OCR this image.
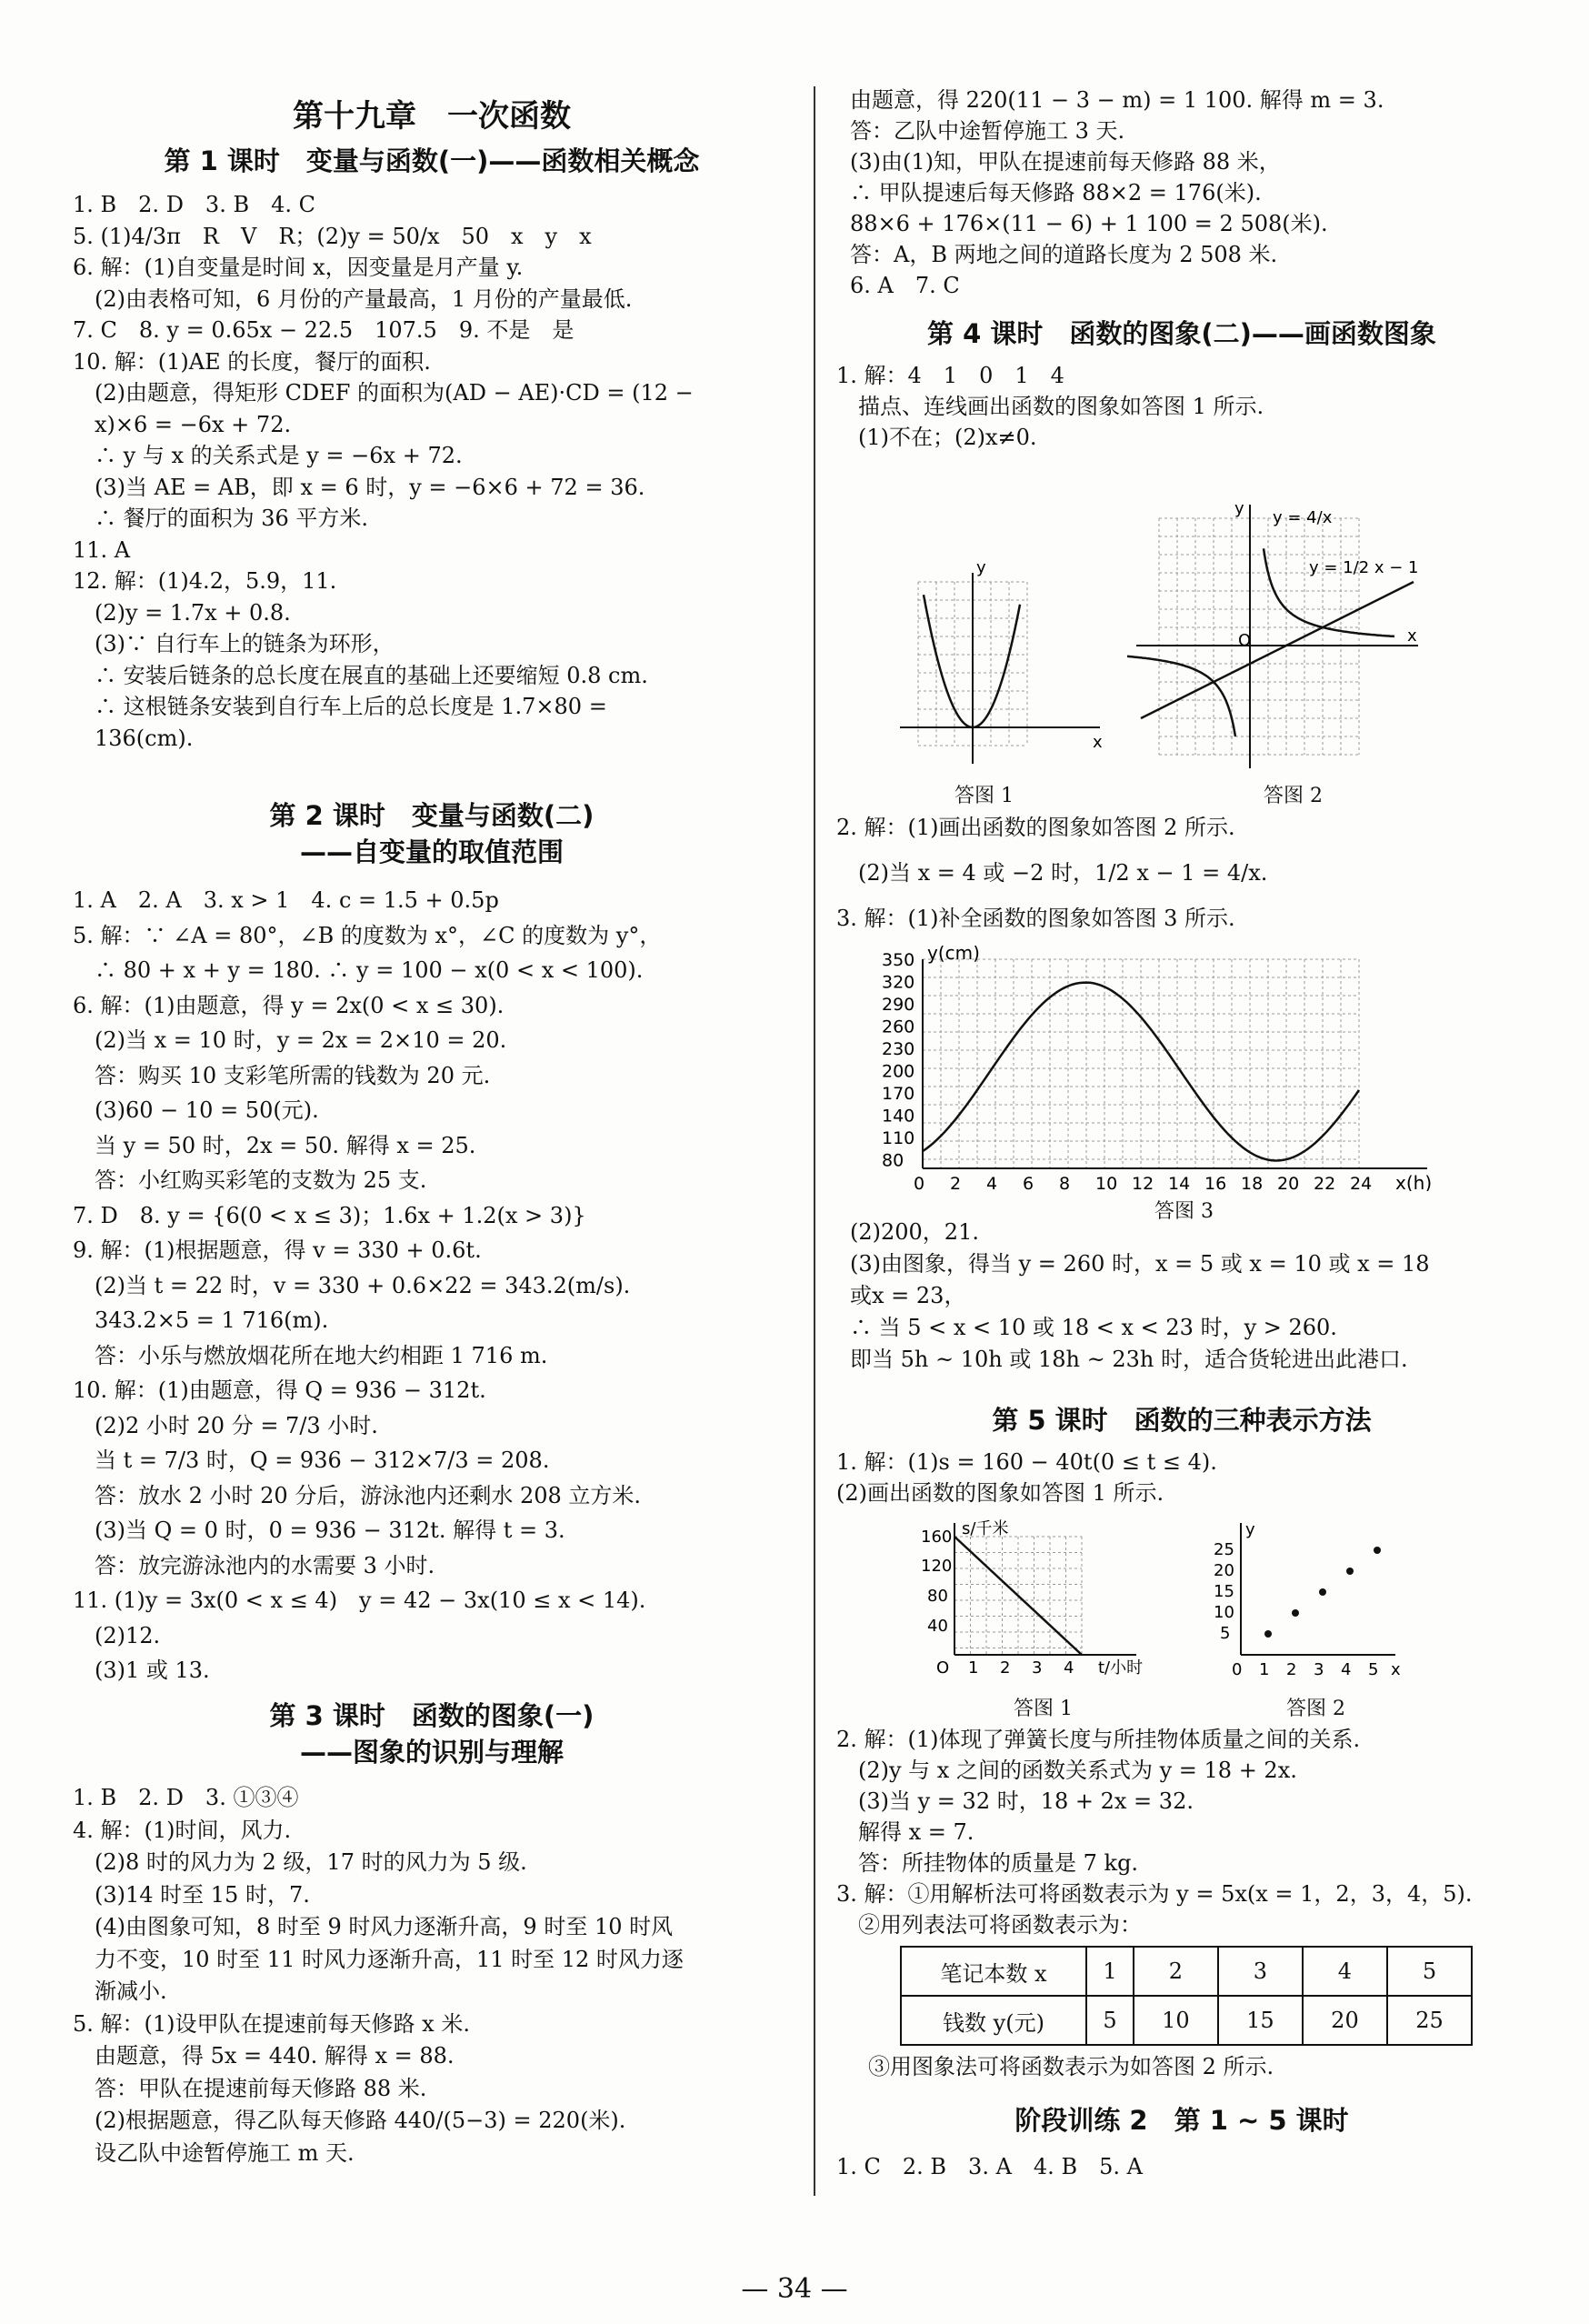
第十九章　一次函数
第 1 课时　变量与函数(一)——函数相关概念
1. B　2. D　3. B　4. C
5. (1)4/3π　R　V　R；(2)y = 50/x　50　x　y　x
6. 解：(1)自变量是时间 x，因变量是月产量 y.
　(2)由表格可知，6 月份的产量最高，1 月份的产量最低.
7. C　8. y = 0.65x − 22.5　107.5　9. 不是　是
10. 解：(1)AE 的长度，餐厅的面积.
　(2)由题意，得矩形 CDEF 的面积为(AD − AE)·CD = (12 −
　x)×6 = −6x + 72.
　∴ y 与 x 的关系式是 y = −6x + 72.
　(3)当 AE = AB，即 x = 6 时，y = −6×6 + 72 = 36.
　∴ 餐厅的面积为 36 平方米.
11. A
12. 解：(1)4.2，5.9，11.
　(2)y = 1.7x + 0.8.
　(3)∵ 自行车上的链条为环形，
　∴ 安装后链条的总长度在展直的基础上还要缩短 0.8 cm.
　∴ 这根链条安装到自行车上后的总长度是 1.7×80 =
　136(cm).
第 2 课时　变量与函数(二)
——自变量的取值范围
1. A　2. A　3. x > 1　4. c = 1.5 + 0.5p
5. 解：∵ ∠A = 80°，∠B 的度数为 x°，∠C 的度数为 y°，
　∴ 80 + x + y = 180. ∴ y = 100 − x(0 < x < 100).
6. 解：(1)由题意，得 y = 2x(0 < x ≤ 30).
　(2)当 x = 10 时，y = 2x = 2×10 = 20.
　答：购买 10 支彩笔所需的钱数为 20 元.
　(3)60 − 10 = 50(元).
　当 y = 50 时，2x = 50. 解得 x = 25.
　答：小红购买彩笔的支数为 25 支.
7. D　8. y = {6(0 < x ≤ 3)；1.6x + 1.2(x > 3)}
9. 解：(1)根据题意，得 v = 330 + 0.6t.
　(2)当 t = 22 时，v = 330 + 0.6×22 = 343.2(m/s).
　343.2×5 = 1 716(m).
　答：小乐与燃放烟花所在地大约相距 1 716 m.
10. 解：(1)由题意，得 Q = 936 − 312t.
　(2)2 小时 20 分 = 7/3 小时.
　当 t = 7/3 时，Q = 936 − 312×7/3 = 208.
　答：放水 2 小时 20 分后，游泳池内还剩水 208 立方米.
　(3)当 Q = 0 时，0 = 936 − 312t. 解得 t = 3.
　答：放完游泳池内的水需要 3 小时.
11. (1)y = 3x(0 < x ≤ 4)　y = 42 − 3x(10 ≤ x < 14).
　(2)12.
　(3)1 或 13.
第 3 课时　函数的图象(一)
——图象的识别与理解
1. B　2. D　3. ①③④
4. 解：(1)时间，风力.
　(2)8 时的风力为 2 级，17 时的风力为 5 级.
　(3)14 时至 15 时，7.
　(4)由图象可知，8 时至 9 时风力逐渐升高，9 时至 10 时风
　力不变，10 时至 11 时风力逐渐升高，11 时至 12 时风力逐
　渐减小.
5. 解：(1)设甲队在提速前每天修路 x 米.
　由题意，得 5x = 440. 解得 x = 88.
　答：甲队在提速前每天修路 88 米.
　(2)根据题意，得乙队每天修路 440/(5−3) = 220(米).
　设乙队中途暂停施工 m 天.
由题意，得 220(11 − 3 − m) = 1 100. 解得 m = 3.
答：乙队中途暂停施工 3 天.
(3)由(1)知，甲队在提速前每天修路 88 米，
∴ 甲队提速后每天修路 88×2 = 176(米).
88×6 + 176×(11 − 6) + 1 100 = 2 508(米).
答：A，B 两地之间的道路长度为 2 508 米.
6. A　7. C
第 4 课时　函数的图象(二)——画函数图象
1. 解：4　1　0　1　4
　描点、连线画出函数的图象如答图 1 所示.
　(1)不在；(2)x≠0.
y
x
答图 1
O	x
y y = 4/x
y = 1/2 x − 1
答图 2
2. 解：(1)画出函数的图象如答图 2 所示.
　(2)当 x = 4 或 −2 时，1/2 x − 1 = 4/x.
3. 解：(1)补全函数的图象如答图 3 所示.
350
320
290
260
230
200
170
140
110
80
0 2 4 6 8 10 12 14 16 18 20 22 24
y(cm)
x(h)
答图 3
(2)200，21.
(3)由图象，得当 y = 260 时，x = 5 或 x = 10 或 x = 18
或x = 23，
∴ 当 5 < x < 10 或 18 < x < 23 时，y > 260.
即当 5h ~ 10h 或 18h ~ 23h 时，适合货轮进出此港口.
第 5 课时　函数的三种表示方法
1. 解：(1)s = 160 − 40t(0 ≤ t ≤ 4).
(2)画出函数的图象如答图 1 所示.
O
s/千米
t/小时
160
120
80
40
1 2 3 4
答图 1
y
x
25
20
15
10
5
0 1 2 3 4 5
答图 2
2. 解：(1)体现了弹簧长度与所挂物体质量之间的关系.
　(2)y 与 x 之间的函数关系式为 y = 18 + 2x.
　(3)当 y = 32 时，18 + 2x = 32.
　解得 x = 7.
　答：所挂物体的质量是 7 kg.
3. 解：①用解析法可将函数表示为 y = 5x(x = 1，2，3，4，5).
　②用列表法可将函数表示为：
笔记本数 x	1	2	3	4	5
钱数 y(元)	5	10	15	20	25
③用图象法可将函数表示为如答图 2 所示.
阶段训练 2　第 1 ~ 5 课时
1. C　2. B　3. A　4. B　5. A
— 34 —
